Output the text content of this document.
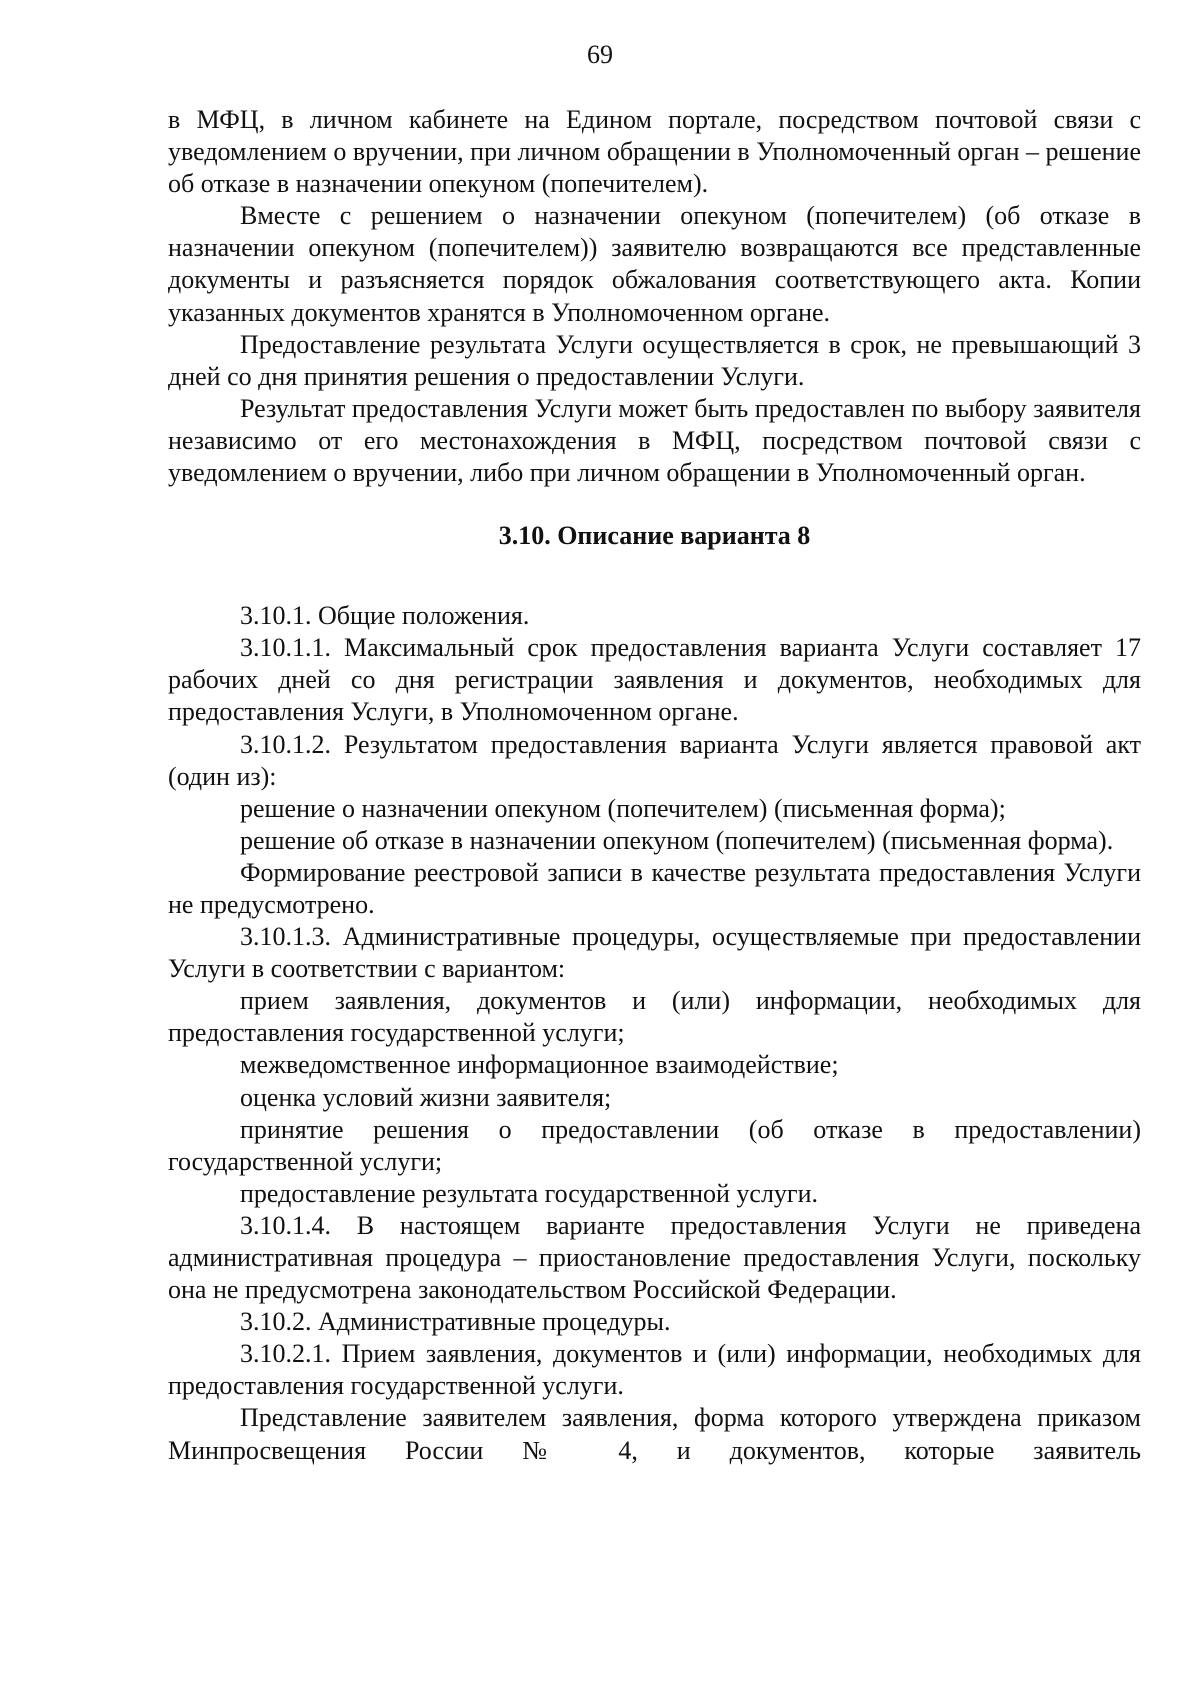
69

в МФЦ, в личном кабинете на Едином портале, посредством почтовой связи с уведомлением о вручении, при личном обращении в Уполномоченный орган – решение об отказе в назначении опекуном (попечителем).

Вместе с решением о назначении опекуном (попечителем) (об отказе в назначении опекуном (попечителем)) заявителю возвращаются все представленные документы и разъясняется порядок обжалования соответствующего акта. Копии указанных документов хранятся в Уполномоченном органе.

Предоставление результата Услуги осуществляется в срок, не превышающий 3 дней со дня принятия решения о предоставлении Услуги.

Результат предоставления Услуги может быть предоставлен по выбору заявителя независимо от его местонахождения в МФЦ, посредством почтовой связи с уведомлением о вручении, либо при личном обращении в Уполномоченный орган.

3.10. Описание варианта 8

3.10.1. Общие положения.

3.10.1.1. Максимальный срок предоставления варианта Услуги составляет 17 рабочих дней со дня регистрации заявления и документов, необходимых для предоставления Услуги, в Уполномоченном органе.

3.10.1.2. Результатом предоставления варианта Услуги является правовой акт (один из):

решение о назначении опекуном (попечителем) (письменная форма);

решение об отказе в назначении опекуном (попечителем) (письменная форма).

Формирование реестровой записи в качестве результата предоставления Услуги не предусмотрено.

3.10.1.3. Административные процедуры, осуществляемые при предоставлении Услуги в соответствии с вариантом:

прием заявления, документов и (или) информации, необходимых для предоставления государственной услуги;

межведомственное информационное взаимодействие;

оценка условий жизни заявителя;

принятие решения о предоставлении (об отказе в предоставлении) государственной услуги;

предоставление результата государственной услуги.

3.10.1.4. В настоящем варианте предоставления Услуги не приведена административная процедура – приостановление предоставления Услуги, поскольку она не предусмотрена законодательством Российской Федерации.

3.10.2. Административные процедуры.

3.10.2.1. Прием заявления, документов и (или) информации, необходимых для предоставления государственной услуги.

Представление заявителем заявления, форма которого утверждена приказом Минпросвещения России № 4, и документов, которые заявитель
